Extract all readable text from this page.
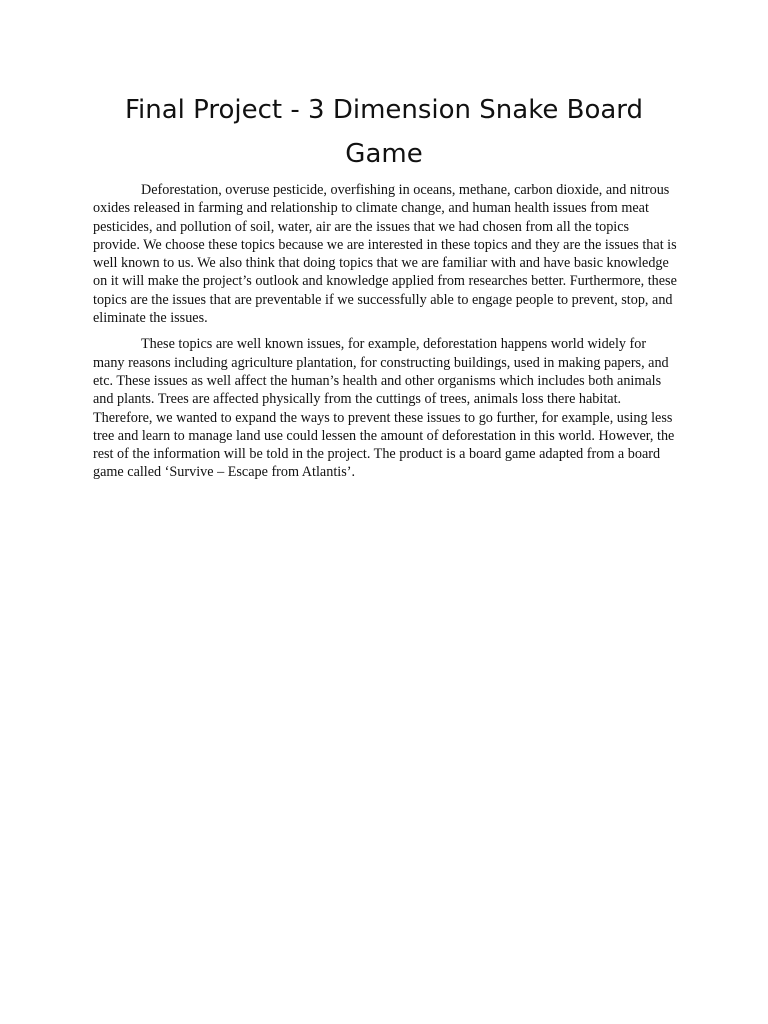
Final Project - 3 Dimension Snake Board Game

Deforestation, overuse pesticide, overfishing in oceans, methane, carbon dioxide, and nitrous oxides released in farming and relationship to climate change, and human health issues from meat pesticides, and pollution of soil, water, air are the issues that we had chosen from all the topics provide. We choose these topics because we are interested in these topics and they are the issues that is well known to us. We also think that doing topics that we are familiar with and have basic knowledge on it will make the project’s outlook and knowledge applied from researches better. Furthermore, these topics are the issues that are preventable if we successfully able to engage people to prevent, stop, and eliminate the issues.

These topics are well known issues, for example, deforestation happens world widely for many reasons including agriculture plantation, for constructing buildings, used in making papers, and etc. These issues as well affect the human’s health and other organisms which includes both animals and plants. Trees are affected physically from the cuttings of trees, animals loss there habitat. Therefore, we wanted to expand the ways to prevent these issues to go further, for example, using less tree and learn to manage land use could lessen the amount of deforestation in this world. However, the rest of the information will be told in the project. The product is a board game adapted from a board game called ‘Survive – Escape from Atlantis’.
